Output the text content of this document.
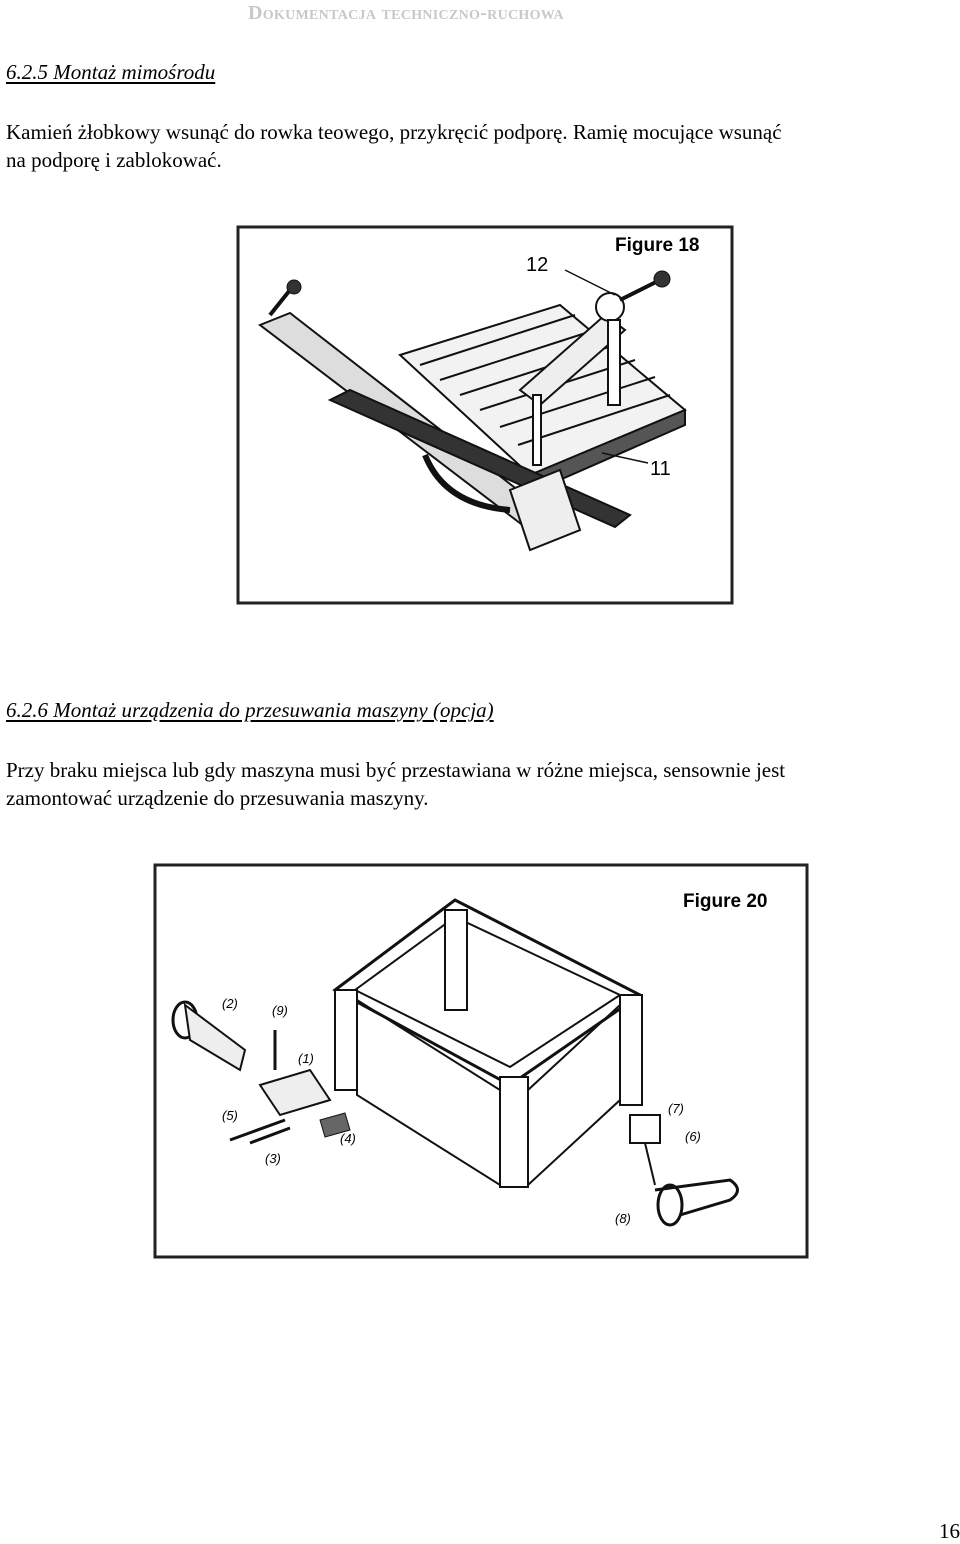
Dokumentacja techniczno-ruchowa
6.2.5 Montaż mimośrodu
Kamień żłobkowy wsunąć do rowka teowego, przykręcić podporę. Ramię mocujące wsunąć
na podporę i zablokować.
Figure 18
12
11
6.2.6 Montaż urządzenia do przesuwania maszyny (opcja)
Przy braku miejsca lub gdy maszyna musi być przestawiana w różne miejsca, sensownie jest
zamontować urządzenie do przesuwania maszyny.
Figure 20
(1)
(2)
(3)
(4)
(5)
(6)
(7)
(8)
(9)
16
